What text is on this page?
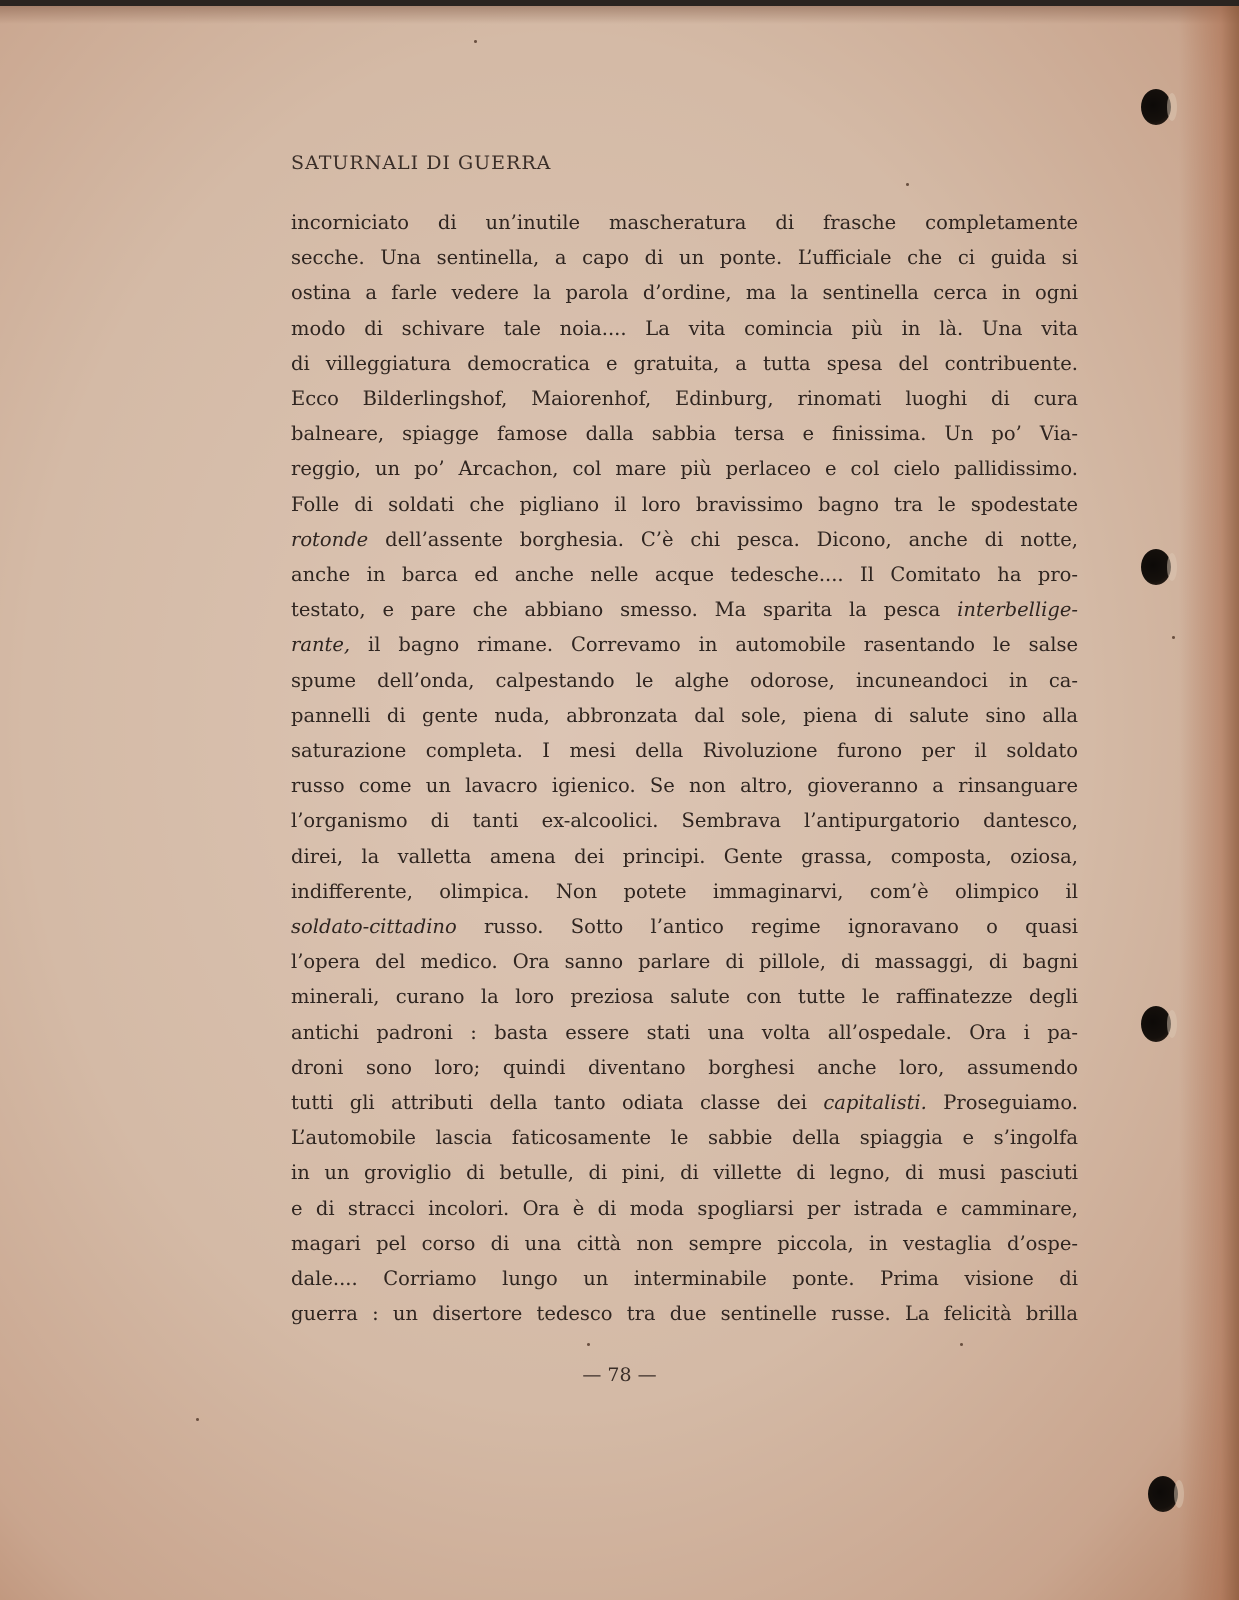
SATURNALI DI GUERRA
incorniciato di un’inutile mascheratura di frasche completamente
secche. Una sentinella, a capo di un ponte. L’ufficiale che ci guida si
ostina a farle vedere la parola d’ordine, ma la sentinella cerca in ogni
modo di schivare tale noia.... La vita comincia più in là. Una vita
di villeggiatura democratica e gratuita, a tutta spesa del contribuente.
Ecco Bilderlingshof, Maiorenhof, Edinburg, rinomati luoghi di cura
balneare, spiagge famose dalla sabbia tersa e finissima. Un po’ Via-
reggio, un po’ Arcachon, col mare più perlaceo e col cielo pallidissimo.
Folle di soldati che pigliano il loro bravissimo bagno tra le spodestate
rotonde dell’assente borghesia. C’è chi pesca. Dicono, anche di notte,
anche in barca ed anche nelle acque tedesche.... Il Comitato ha pro-
testato, e pare che abbiano smesso. Ma sparita la pesca interbellige-
rante, il bagno rimane. Correvamo in automobile rasentando le salse
spume dell’onda, calpestando le alghe odorose, incuneandoci in ca-
pannelli di gente nuda, abbronzata dal sole, piena di salute sino alla
saturazione completa. I mesi della Rivoluzione furono per il soldato
russo come un lavacro igienico. Se non altro, gioveranno a rinsanguare
l’organismo di tanti ex-alcoolici. Sembrava l’antipurgatorio dantesco,
direi, la valletta amena dei principi. Gente grassa, composta, oziosa,
indifferente, olimpica. Non potete immaginarvi, com’è olimpico il
soldato-cittadino russo. Sotto l’antico regime ignoravano o quasi
l’opera del medico. Ora sanno parlare di pillole, di massaggi, di bagni
minerali, curano la loro preziosa salute con tutte le raffinatezze degli
antichi padroni : basta essere stati una volta all’ospedale. Ora i pa-
droni sono loro; quindi diventano borghesi anche loro, assumendo
tutti gli attributi della tanto odiata classe dei capitalisti. Proseguiamo.
L’automobile lascia faticosamente le sabbie della spiaggia e s’ingolfa
in un groviglio di betulle, di pini, di villette di legno, di musi pasciuti
e di stracci incolori. Ora è di moda spogliarsi per istrada e camminare,
magari pel corso di una città non sempre piccola, in vestaglia d’ospe-
dale.... Corriamo lungo un interminabile ponte. Prima visione di
guerra : un disertore tedesco tra due sentinelle russe. La felicità brilla
— 78 —
